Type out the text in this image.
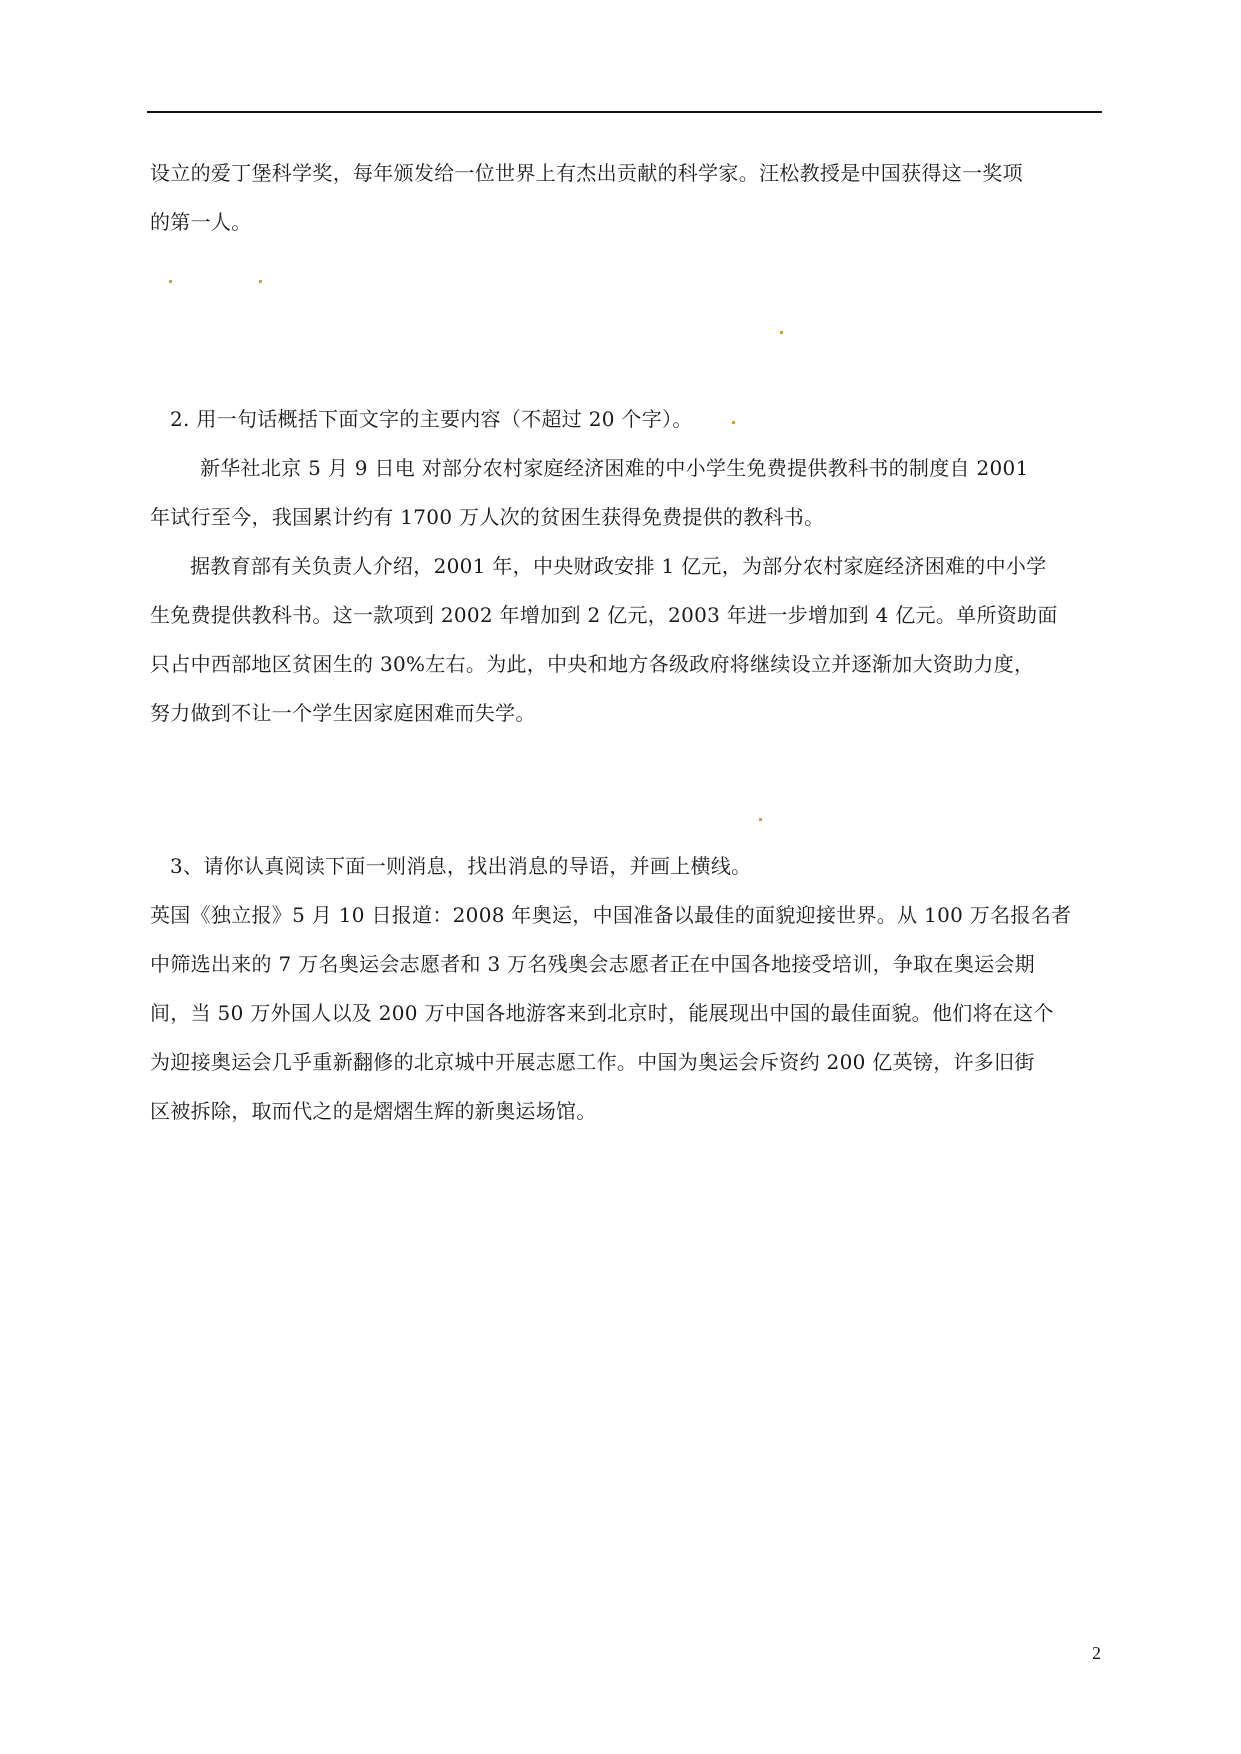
设立的爱丁堡科学奖，每年颁发给一位世界上有杰出贡献的科学家。汪松教授是中国获得这一奖项
的第一人。
2. 用一句话概括下面文字的主要内容（不超过 20 个字）。
新华社北京 5 月 9 日电 对部分农村家庭经济困难的中小学生免费提供教科书的制度自 2001
年试行至今，我国累计约有 1700 万人次的贫困生获得免费提供的教科书。
据教育部有关负责人介绍，2001 年，中央财政安排 1 亿元，为部分农村家庭经济困难的中小学
生免费提供教科书。这一款项到 2002 年增加到 2 亿元，2003 年进一步增加到 4 亿元。单所资助面
只占中西部地区贫困生的 30%左右。为此，中央和地方各级政府将继续设立并逐渐加大资助力度，
努力做到不让一个学生因家庭困难而失学。
3、请你认真阅读下面一则消息，找出消息的导语，并画上横线。
英国《独立报》5 月 10 日报道：2008 年奥运，中国准备以最佳的面貌迎接世界。从 100 万名报名者
中筛选出来的 7 万名奥运会志愿者和 3 万名残奥会志愿者正在中国各地接受培训，争取在奥运会期
间，当 50 万外国人以及 200 万中国各地游客来到北京时，能展现出中国的最佳面貌。他们将在这个
为迎接奥运会几乎重新翻修的北京城中开展志愿工作。中国为奥运会斥资约 200 亿英镑，许多旧街
区被拆除，取而代之的是熠熠生辉的新奥运场馆。
2
